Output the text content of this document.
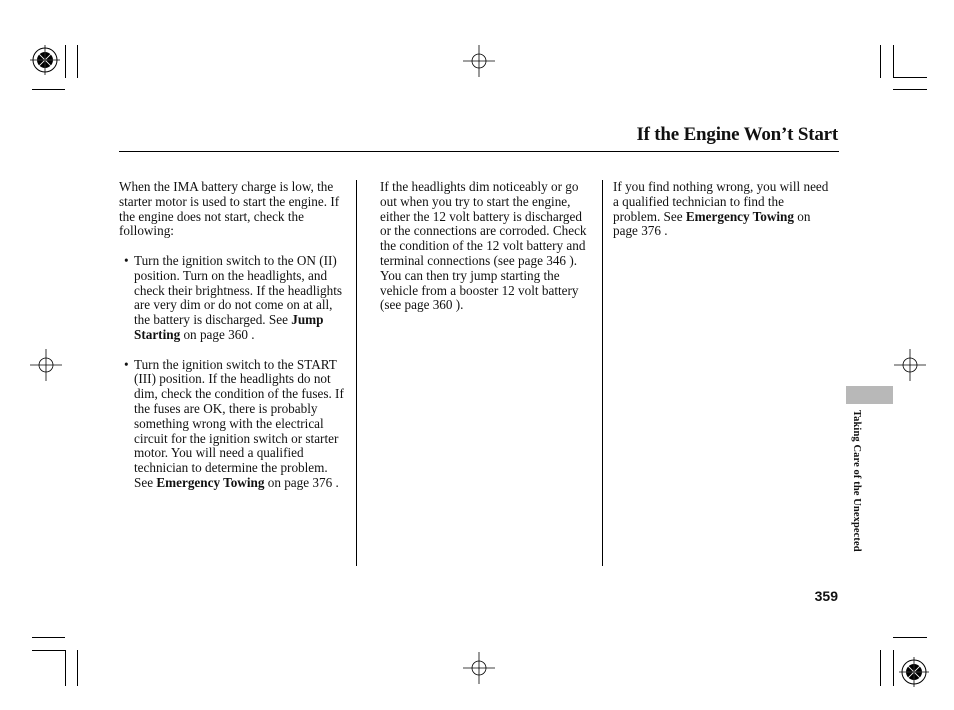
If the Engine Won’t Start

When the IMA battery charge is low, the starter motor is used to start the engine. If the engine does not start, check the following:

• Turn the ignition switch to the ON (II) position. Turn on the headlights, and check their brightness. If the headlights are very dim or do not come on at all, the battery is discharged. See Jump Starting on page 360 .

• Turn the ignition switch to the START (III) position. If the headlights do not dim, check the condition of the fuses. If the fuses are OK, there is probably something wrong with the electrical circuit for the ignition switch or starter motor. You will need a qualified technician to determine the problem. See Emergency Towing on page 376 .

If the headlights dim noticeably or go out when you try to start the engine, either the 12 volt battery is discharged or the connections are corroded. Check the condition of the 12 volt battery and terminal connections (see page 346 ). You can then try jump starting the vehicle from a booster 12 volt battery (see page 360 ).

If you find nothing wrong, you will need a qualified technician to find the problem. See Emergency Towing on page 376 .

Taking Care of the Unexpected
359
